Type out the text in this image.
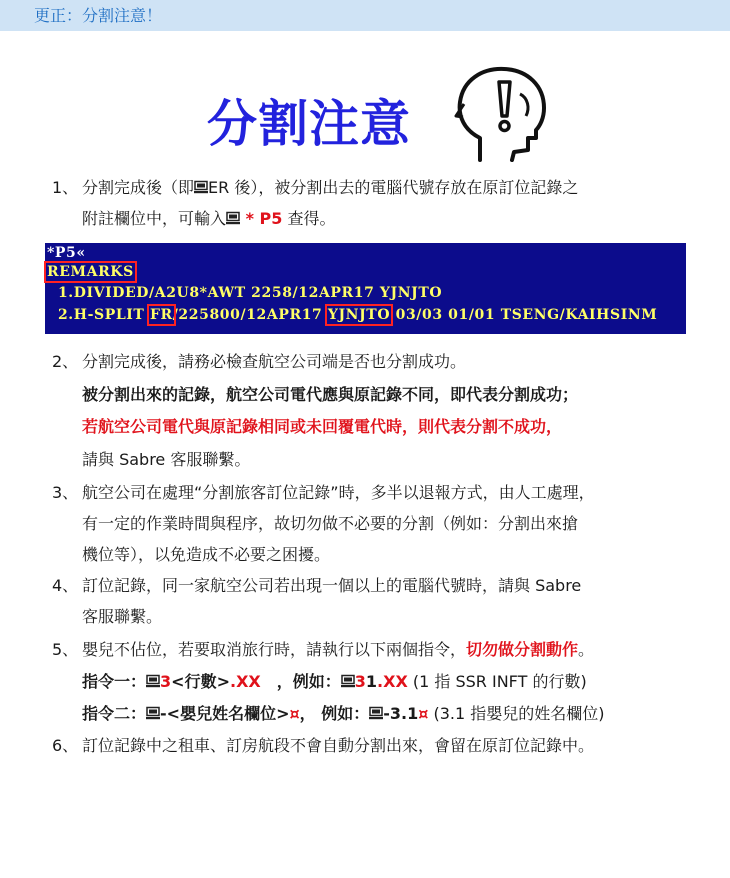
更正：分割注意！
分割注意
1、 分割完成後（即 ER 後），被分割出去的電腦代號存放在原訂位記錄之
附註欄位中，可輸入 * P5 查得。
*P5«
REMARKS
1.DIVIDED/A2U8*AWT 2258/12APR17 YJNJTO
2.H-SPLIT FR/225800/12APR17 YJNJTO 03/03 01/01 TSENG/KAIHSINM
2、 分割完成後，請務必檢查航空公司端是否也分割成功。
被分割出來的記錄，航空公司電代應與原記錄不同，即代表分割成功；
若航空公司電代與原記錄相同或未回覆電代時，則代表分割不成功，
請與 Sabre 客服聯繫。
3、 航空公司在處理“分割旅客訂位記錄”時，多半以退報方式，由人工處理，
有一定的作業時間與程序，故切勿做不必要的分割（例如：分割出來搶
機位等），以免造成不必要之困擾。
4、 訂位記錄，同一家航空公司若出現一個以上的電腦代號時，請與 Sabre
客服聯繫。
5、 嬰兒不佔位，若要取消旅行時，請執行以下兩個指令，切勿做分割動作。
指令一： 3<行數>.XX　，例如： 31.XX (1 指 SSR INFT 的行數)
指令二： -<嬰兒姓名欄位>¤， 例如： -3.1¤ (3.1 指嬰兒的姓名欄位)
6、 訂位記錄中之租車、訂房航段不會自動分割出來，會留在原訂位記錄中。
